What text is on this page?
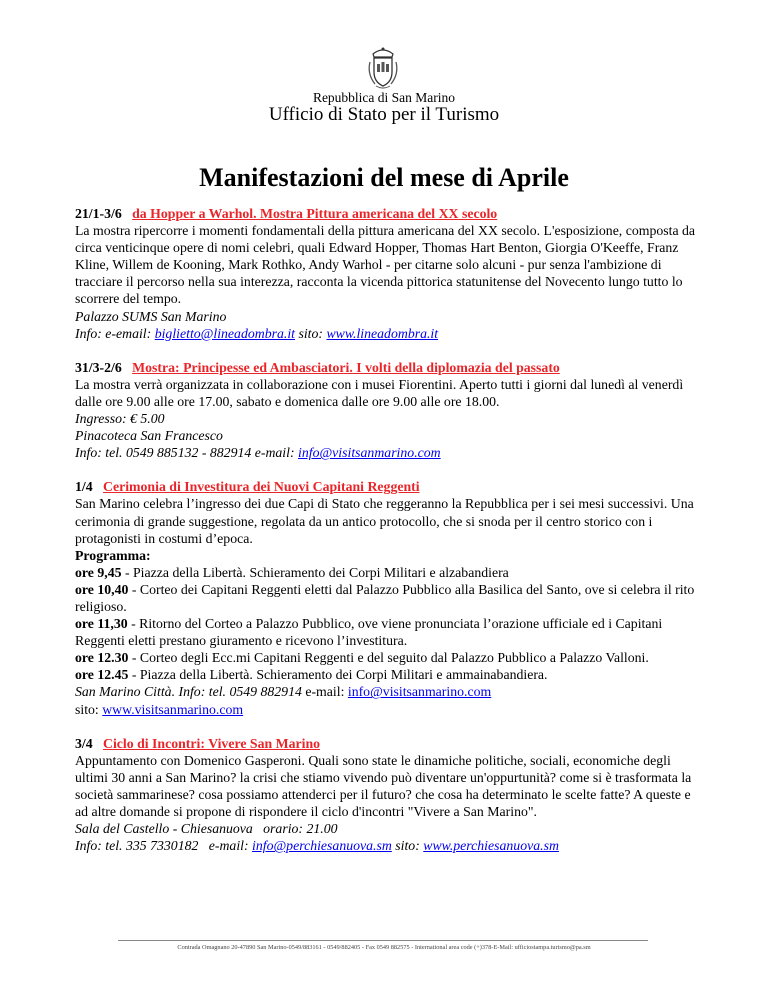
Repubblica di San Marino
Ufficio di Stato per il Turismo
Manifestazioni del mese di Aprile

21/1-3/6 da Hopper a Warhol. Mostra Pittura americana del XX secolo

La mostra ripercorre i momenti fondamentali della pittura americana del XX secolo. L'esposizione, composta da circa venticinque opere di nomi celebri, quali Edward Hopper, Thomas Hart Benton, Giorgia O'Keeffe, Franz Kline, Willem de Kooning, Mark Rothko, Andy Warhol - per citarne solo alcuni - pur senza l'ambizione di tracciare il percorso nella sua interezza, racconta la vicenda pittorica statunitense del Novecento lungo tutto lo scorrere del tempo.

Palazzo SUMS San Marino

Info: e-email: biglietto@lineadombra.it sito: www.lineadombra.it

31/3-2/6 Mostra: Principesse ed Ambasciatori. I volti della diplomazia del passato

La mostra verrà organizzata in collaborazione con i musei Fiorentini. Aperto tutti i giorni dal lunedì al venerdì dalle ore 9.00 alle ore 17.00, sabato e domenica dalle ore 9.00 alle ore 18.00.

Ingresso: € 5.00

Pinacoteca San Francesco

Info: tel. 0549 885132 - 882914 e-mail: info@visitsanmarino.com

1/4 Cerimonia di Investitura dei Nuovi Capitani Reggenti

San Marino celebra l’ingresso dei due Capi di Stato che reggeranno la Repubblica per i sei mesi successivi. Una cerimonia di grande suggestione, regolata da un antico protocollo, che si snoda per il centro storico con i protagonisti in costumi d’epoca.

Programma:

ore 9,45 - Piazza della Libertà. Schieramento dei Corpi Militari e alzabandiera

ore 10,40 - Corteo dei Capitani Reggenti eletti dal Palazzo Pubblico alla Basilica del Santo, ove si celebra il rito religioso.

ore 11,30 - Ritorno del Corteo a Palazzo Pubblico, ove viene pronunciata l’orazione ufficiale ed i Capitani Reggenti eletti prestano giuramento e ricevono l’investitura.

ore 12.30 - Corteo degli Ecc.mi Capitani Reggenti e del seguito dal Palazzo Pubblico a Palazzo Valloni.

ore 12.45 - Piazza della Libertà. Schieramento dei Corpi Militari e ammainabandiera.

San Marino Città. Info: tel. 0549 882914 e-mail: info@visitsanmarino.com

sito: www.visitsanmarino.com

3/4 Ciclo di Incontri: Vivere San Marino

Appuntamento con Domenico Gasperoni. Quali sono state le dinamiche politiche, sociali, economiche degli ultimi 30 anni a San Marino? la crisi che stiamo vivendo può diventare un'oppurtunità? come si è trasformata la società sammarinese? cosa possiamo attenderci per il futuro? che cosa ha determinato le scelte fatte? A queste e ad altre domande si propone di rispondere il ciclo d'incontri "Vivere a San Marino".

Sala del Castello - Chiesanuova   orario: 21.00

Info: tel. 335 7330182   e-mail: info@perchiesanuova.sm sito: www.perchiesanuova.sm

Contrada Omagnano 20-47890 San Marino-0549/883161 - 0549/882405 - Fax 0549 882575 - International area code (+)378-E-Mail: ufficiostampa.turismo@pa.sm
